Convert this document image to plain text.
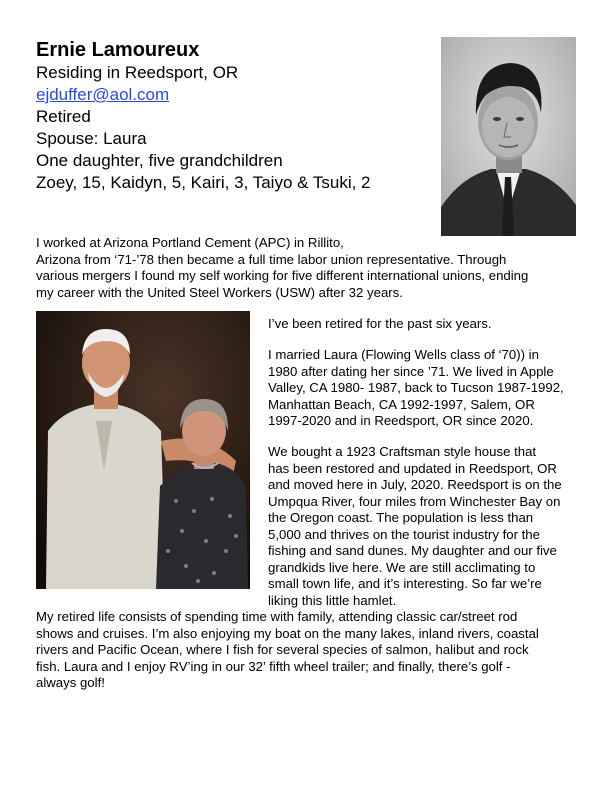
Ernie Lamoureux

Residing in Reedsport, OR

ejduffer@aol.com

Retired

Spouse: Laura

One daughter, five grandchildren

Zoey, 15, Kaidyn, 5, Kairi, 3, Taiyo & Tsuki, 2

I worked at Arizona Portland Cement (APC) in Rillito,
Arizona from ‘71-’78 then became a full time labor union representative. Through
various mergers I found my self working for five different international unions, ending
my career with the United Steel Workers (USW) after 32 years.

I’ve been retired for the past six years.

I married Laura (Flowing Wells class of ‘70)) in
1980 after dating her since ’71. We lived in Apple
Valley, CA 1980- 1987, back to Tucson 1987-1992,
Manhattan Beach, CA 1992-1997, Salem, OR
1997-2020 and in Reedsport, OR since 2020.

We bought a 1923 Craftsman style house that
has been restored and updated in Reedsport, OR
and moved here in July, 2020. Reedsport is on the
Umpqua River, four miles from Winchester Bay on
the Oregon coast. The population is less than
5,000 and thrives on the tourist industry for the
fishing and sand dunes. My daughter and our five
grandkids live here. We are still acclimating to
small town life, and it’s interesting. So far we’re
liking this little hamlet.

My retired life consists of spending time with family, attending classic car/street rod
shows and cruises. I’m also enjoying my boat on the many lakes, inland rivers, coastal
rivers and Pacific Ocean, where I fish for several species of salmon, halibut and rock
fish. Laura and I enjoy RV’ing in our 32’ fifth wheel trailer; and finally, there’s golf -
always golf!
